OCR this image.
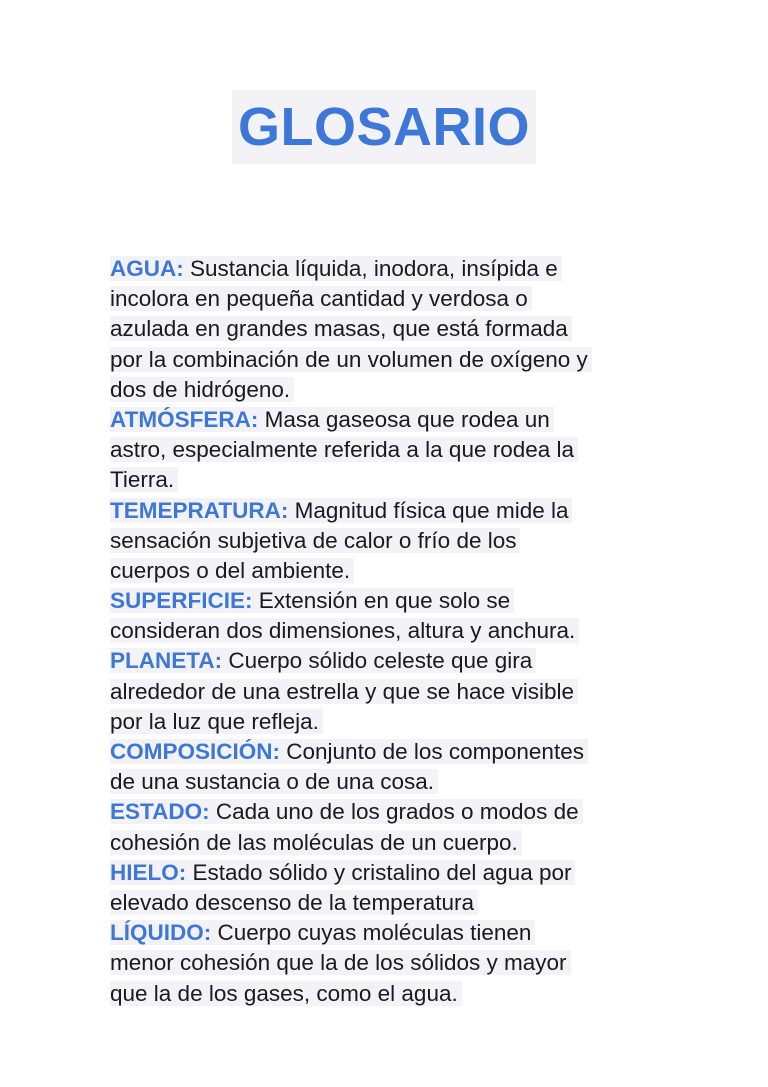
GLOSARIO
AGUA: Sustancia líquida, inodora, insípida e
incolora en pequeña cantidad y verdosa o
azulada en grandes masas, que está formada
por la combinación de un volumen de oxígeno y
dos de hidrógeno.
ATMÓSFERA: Masa gaseosa que rodea un
astro, especialmente referida a la que rodea la
Tierra.
TEMEPRATURA: Magnitud física que mide la
sensación subjetiva de calor o frío de los
cuerpos o del ambiente.
SUPERFICIE: Extensión en que solo se
consideran dos dimensiones, altura y anchura.
PLANETA: Cuerpo sólido celeste que gira
alrededor de una estrella y que se hace visible
por la luz que refleja.
COMPOSICIÓN: Conjunto de los componentes
de una sustancia o de una cosa.
ESTADO: Cada uno de los grados o modos de
cohesión de las moléculas de un cuerpo.
HIELO: Estado sólido y cristalino del agua por
elevado descenso de la temperatura
LÍQUIDO: Cuerpo cuyas moléculas tienen
menor cohesión que la de los sólidos y mayor
que la de los gases, como el agua.
